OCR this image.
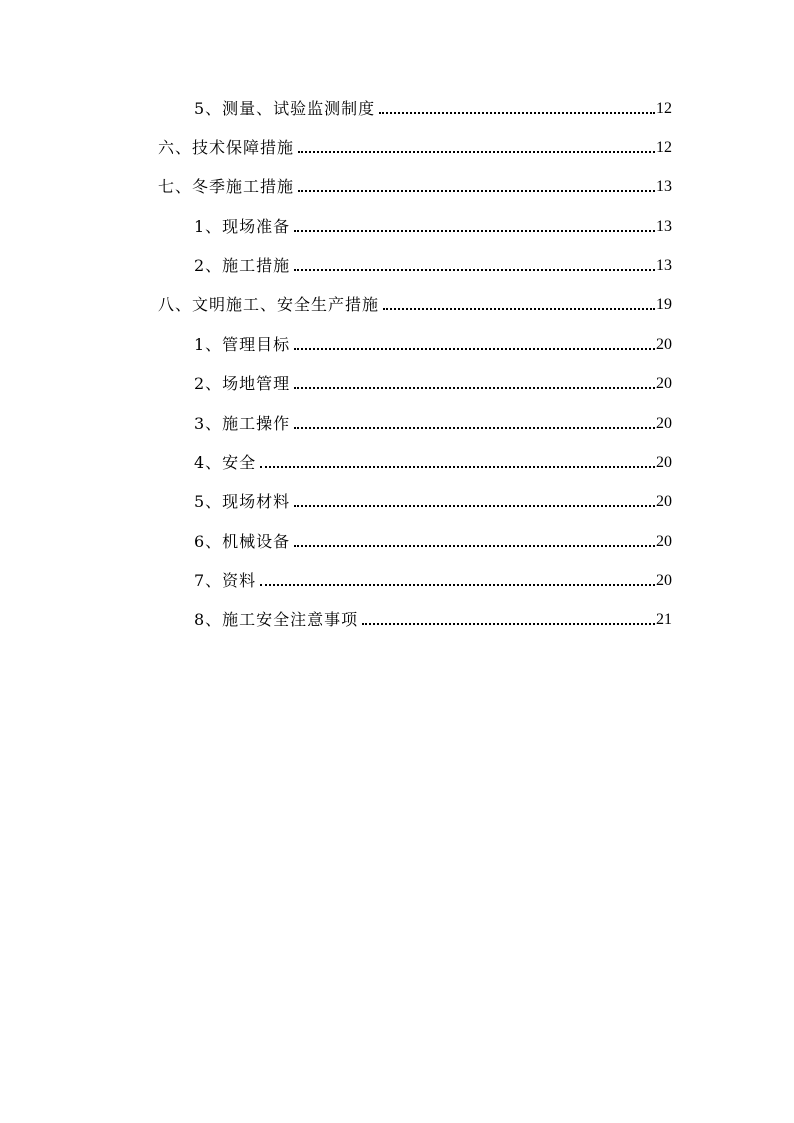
5、测量、试验监测制度	12
六、技术保障措施	12
七、冬季施工措施	13
1、现场准备	13
2、施工措施	13
八、文明施工、安全生产措施	19
1、管理目标	20
2、场地管理	20
3、施工操作	20
4、安全	20
5、现场材料	20
6、机械设备	20
7、资料	20
8、施工安全注意事项	21
